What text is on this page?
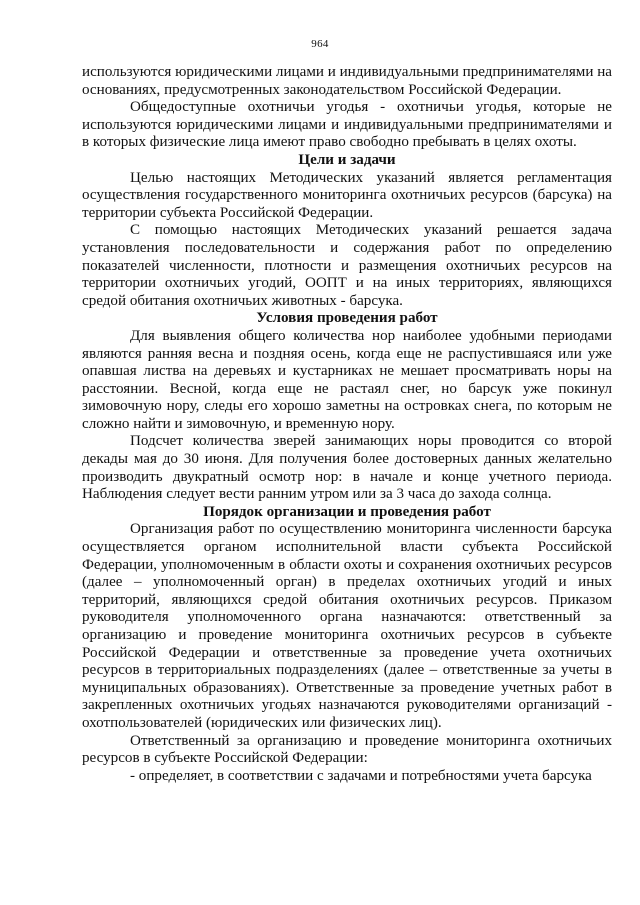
964

используются юридическими лицами и индивидуальными предпринимателями на основаниях, предусмотренных законодательством Российской Федерации.

Общедоступные охотничьи угодья - охотничьи угодья, которые не используются юридическими лицами и индивидуальными предпринимателями и в которых физические лица имеют право свободно пребывать в целях охоты.

Цели и задачи

Целью настоящих Методических указаний является регламентация осуществления государственного мониторинга охотничьих ресурсов (барсука) на территории субъекта Российской Федерации.

С помощью настоящих Методических указаний решается задача установления последовательности и содержания работ по определению показателей численности, плотности и размещения охотничьих ресурсов на территории охотничьих угодий, ООПТ и на иных территориях, являющихся средой обитания охотничьих животных - барсука.

Условия проведения работ

Для выявления общего количества нор наиболее удобными периодами являются ранняя весна и поздняя осень, когда еще не распустившаяся или уже опавшая листва на деревьях и кустарниках не мешает просматривать норы на расстоянии. Весной, когда еще не растаял снег, но барсук уже покинул зимовочную нору, следы его хорошо заметны на островках снега, по которым не сложно найти и зимовочную, и временную нору.

Подсчет количества зверей занимающих норы проводится со второй декады мая до 30 июня. Для получения более достоверных данных желательно производить двукратный осмотр нор: в начале и конце учетного периода. Наблюдения следует вести ранним утром или за 3 часа до захода солнца.

Порядок организации и проведения работ

Организация работ по осуществлению мониторинга численности барсука осуществляется органом исполнительной власти субъекта Российской Федерации, уполномоченным в области охоты и сохранения охотничьих ресурсов (далее – уполномоченный орган) в пределах охотничьих угодий и иных территорий, являющихся средой обитания охотничьих ресурсов. Приказом руководителя уполномоченного органа назначаются: ответственный за организацию и проведение мониторинга охотничьих ресурсов в субъекте Российской Федерации и ответственные за проведение учета охотничьих ресурсов в территориальных подразделениях (далее – ответственные за учеты в муниципальных образованиях). Ответственные за проведение учетных работ в закрепленных охотничьих угодьях назначаются руководителями организаций - охотпользователей (юридических или физических лиц).

Ответственный за организацию и проведение мониторинга охотничьих ресурсов в субъекте Российской Федерации:

- определяет, в соответствии с задачами и потребностями учета барсука
